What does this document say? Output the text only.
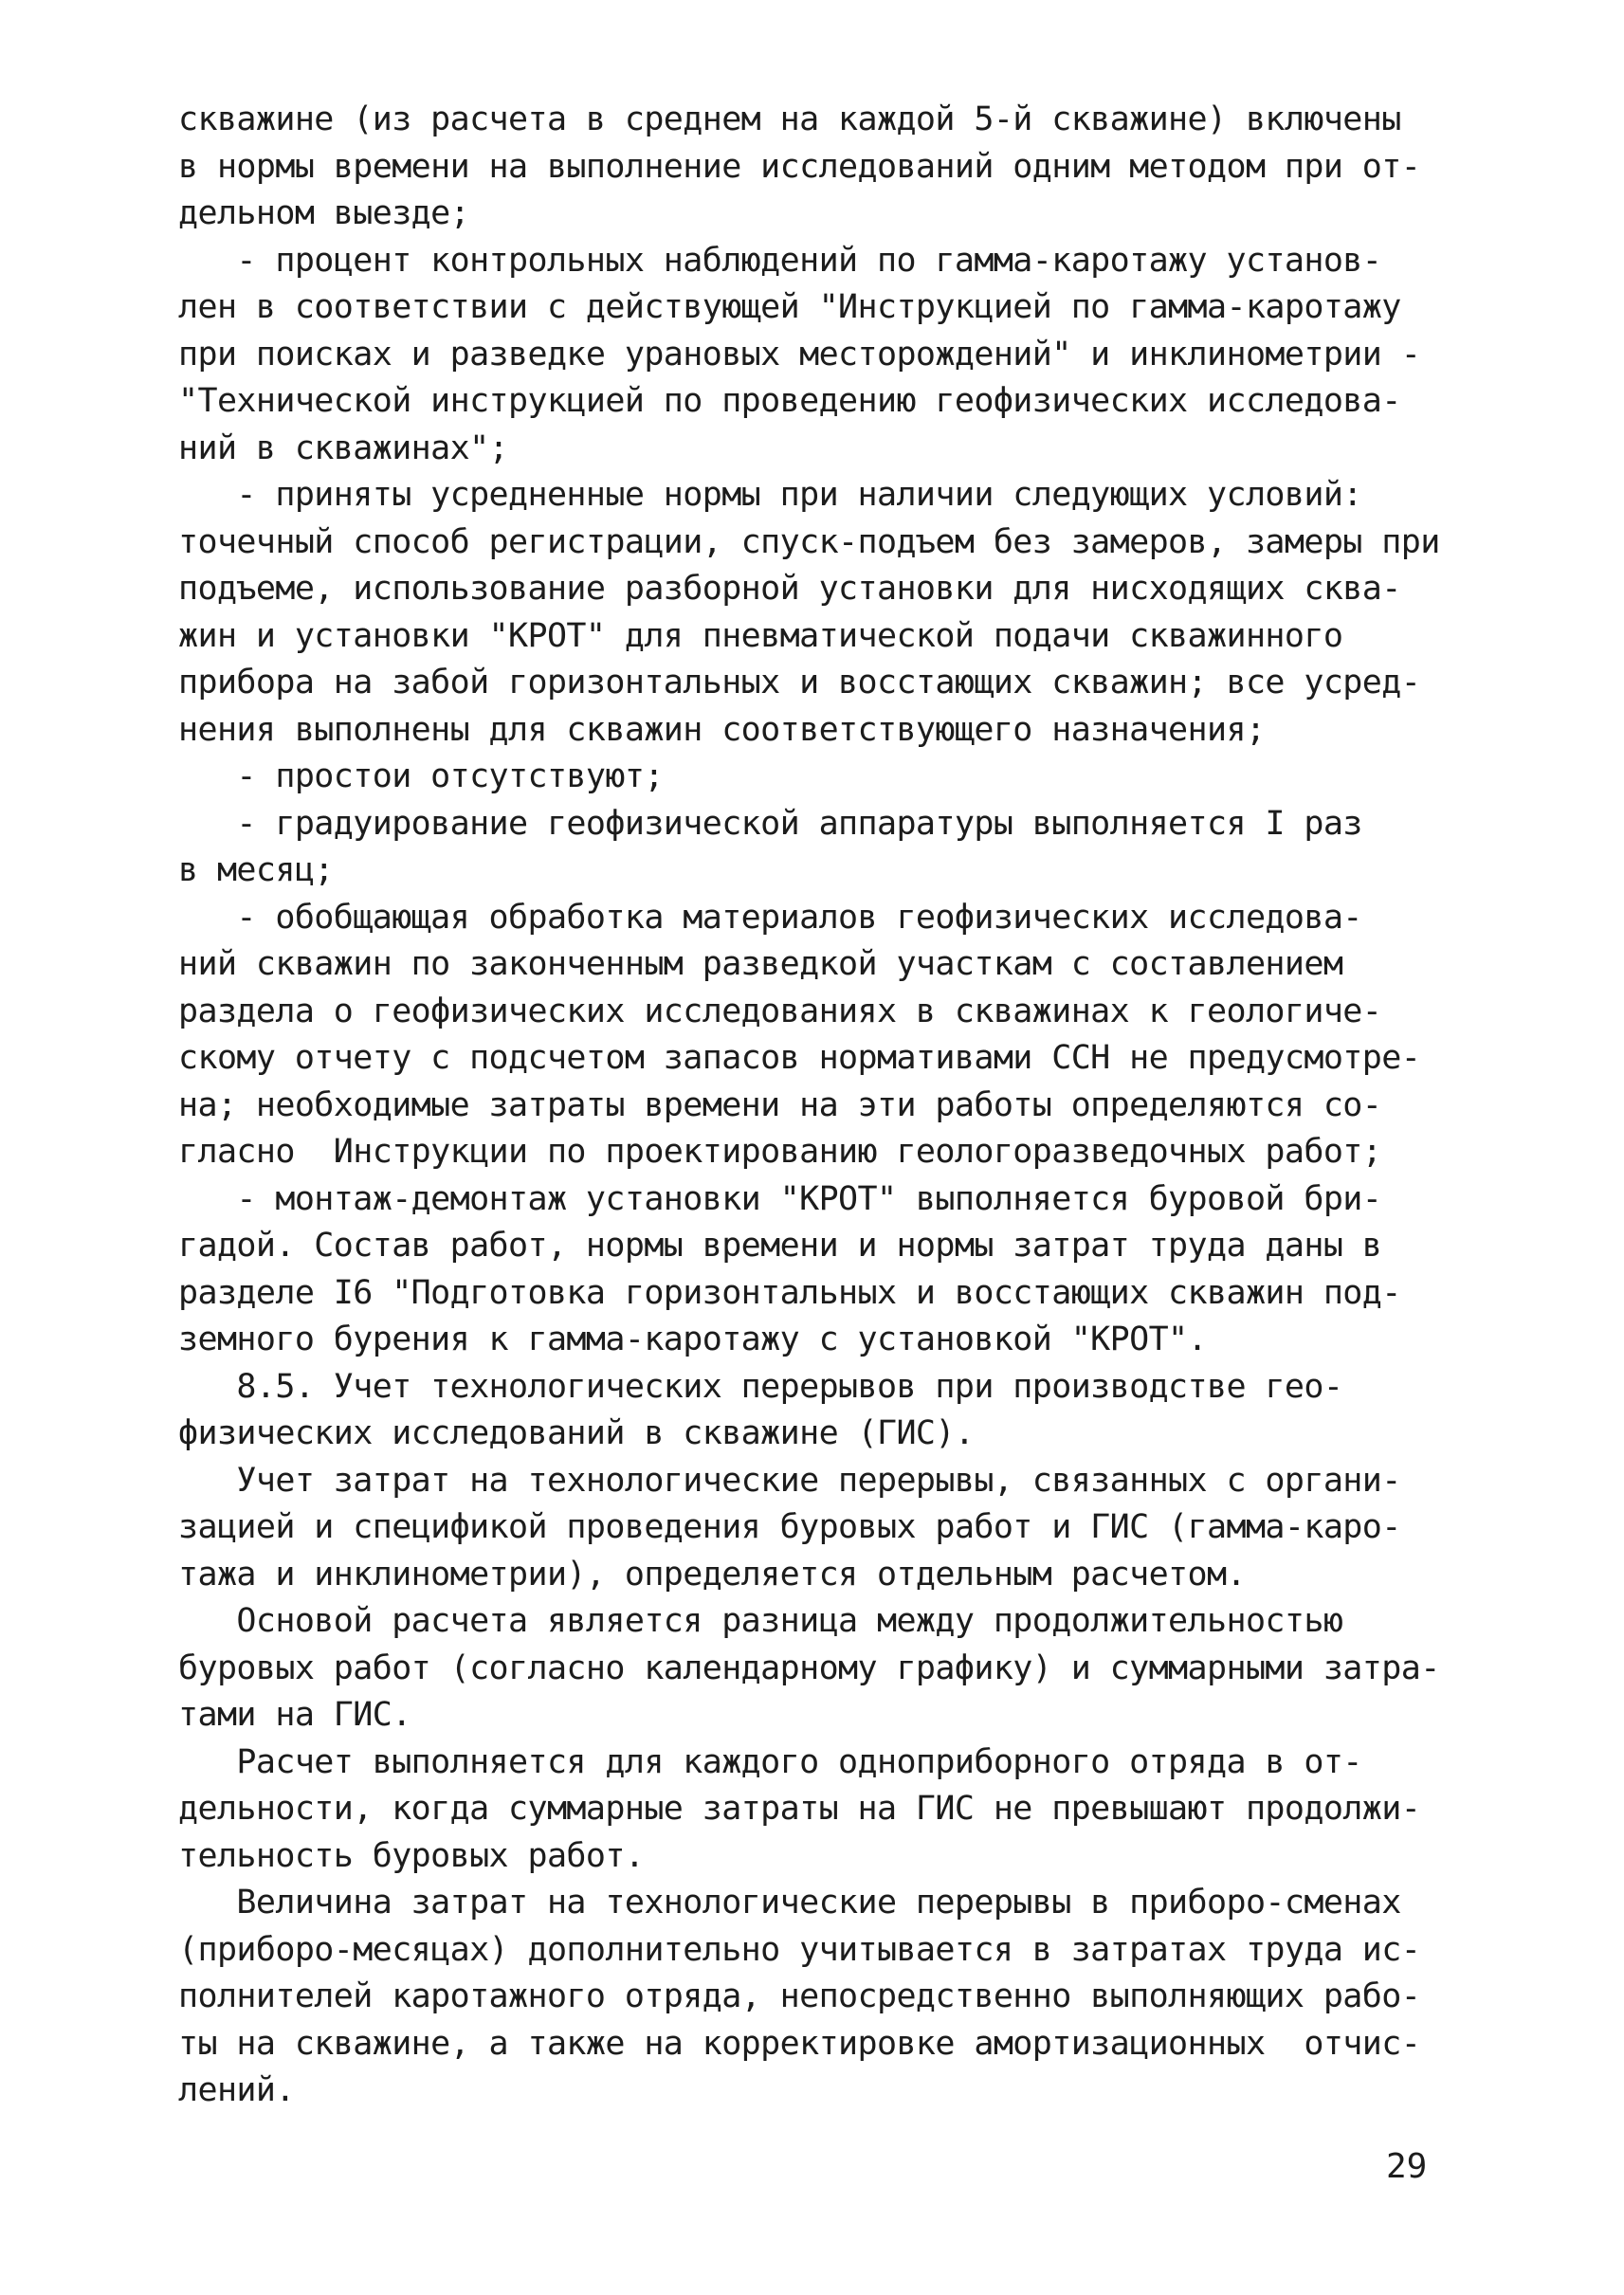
скважине (из расчета в среднем на каждой 5-й скважине) включены
в нормы времени на выполнение исследований одним методом при от-
дельном выезде;
- процент контрольных наблюдений по гамма-каротажу установ-
лен в соответствии с действующей "Инструкцией по гамма-каротажу
при поисках и разведке урановых месторождений" и инклинометрии -
"Технической инструкцией по проведению геофизических исследова-
ний в скважинах";
- приняты усредненные нормы при наличии следующих условий:
точечный способ регистрации, спуск-подъем без замеров, замеры при
подъеме, использование разборной установки для нисходящих сква-
жин и установки "КРОТ" для пневматической подачи скважинного
прибора на забой горизонтальных и восстающих скважин; все усред-
нения выполнены для скважин соответствующего назначения;
- простои отсутствуют;
- градуирование геофизической аппаратуры выполняется I раз
в месяц;
- обобщающая обработка материалов геофизических исследова-
ний скважин по законченным разведкой участкам с составлением
раздела о геофизических исследованиях в скважинах к геологиче-
скому отчету с подсчетом запасов нормативами ССН не предусмотре-
на; необходимые затраты времени на эти работы определяются со-
гласно  Инструкции по проектированию геологоразведочных работ;
- монтаж-демонтаж установки "КРОТ" выполняется буровой бри-
гадой. Состав работ, нормы времени и нормы затрат труда даны в
разделе I6 "Подготовка горизонтальных и восстающих скважин под-
земного бурения к гамма-каротажу с установкой "КРОТ".
8.5. Учет технологических перерывов при производстве гео-
физических исследований в скважине (ГИС).
Учет затрат на технологические перерывы, связанных с органи-
зацией и спецификой проведения буровых работ и ГИС (гамма-каро-
тажа и инклинометрии), определяется отдельным расчетом.
Основой расчета является разница между продолжительностью
буровых работ (согласно календарному графику) и суммарными затра-
тами на ГИС.
Расчет выполняется для каждого одноприборного отряда в от-
дельности, когда суммарные затраты на ГИС не превышают продолжи-
тельность буровых работ.
Величина затрат на технологические перерывы в приборо-сменах
(приборо-месяцах) дополнительно учитывается в затратах труда ис-
полнителей каротажного отряда, непосредственно выполняющих рабо-
ты на скважине, а также на корректировке амортизационных  отчис-
лений.
29
